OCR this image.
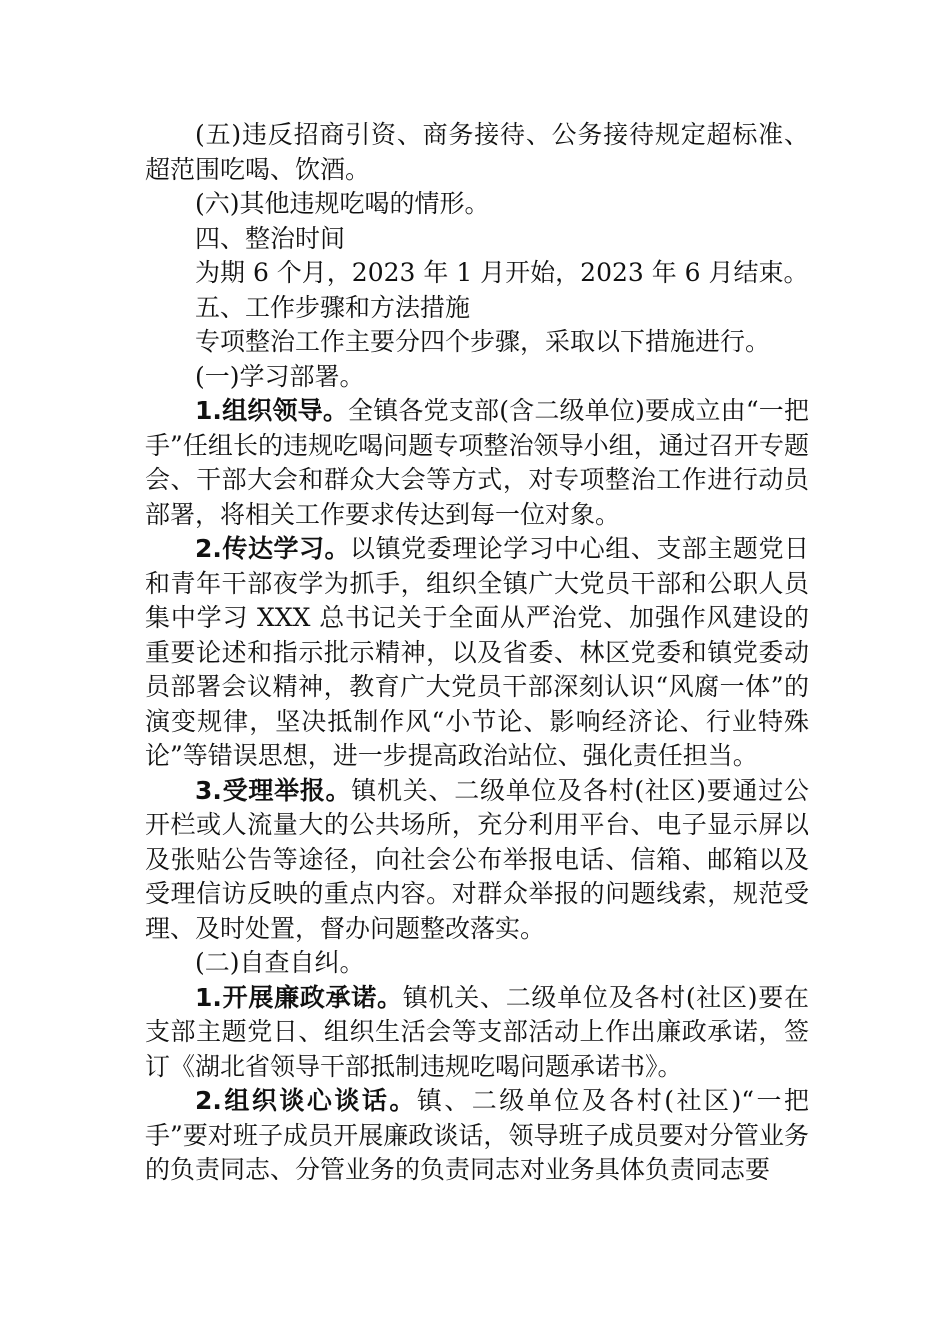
(五)违反招商引资、商务接待、公务接待规定超标准、超范围吃喝、饮酒。

(六)其他违规吃喝的情形。

四、整治时间

为期 6 个月，2023 年 1 月开始，2023 年 6 月结束。

五、工作步骤和方法措施

专项整治工作主要分四个步骤，采取以下措施进行。

(一)学习部署。

1.组织领导。全镇各党支部(含二级单位)要成立由“一把手”任组长的违规吃喝问题专项整治领导小组，通过召开专题会、干部大会和群众大会等方式，对专项整治工作进行动员部署，将相关工作要求传达到每一位对象。

2.传达学习。以镇党委理论学习中心组、支部主题党日和青年干部夜学为抓手，组织全镇广大党员干部和公职人员集中学习 XXX 总书记关于全面从严治党、加强作风建设的重要论述和指示批示精神，以及省委、林区党委和镇党委动员部署会议精神，教育广大党员干部深刻认识“风腐一体”的演变规律，坚决抵制作风“小节论、影响经济论、行业特殊论”等错误思想，进一步提高政治站位、强化责任担当。

3.受理举报。镇机关、二级单位及各村(社区)要通过公开栏或人流量大的公共场所，充分利用平台、电子显示屏以及张贴公告等途径，向社会公布举报电话、信箱、邮箱以及受理信访反映的重点内容。对群众举报的问题线索，规范受理、及时处置，督办问题整改落实。

(二)自查自纠。

1.开展廉政承诺。镇机关、二级单位及各村(社区)要在支部主题党日、组织生活会等支部活动上作出廉政承诺，签订《湖北省领导干部抵制违规吃喝问题承诺书》。

2.组织谈心谈话。镇、二级单位及各村(社区)“一把手”要对班子成员开展廉政谈话，领导班子成员要对分管业务的负责同志、分管业务的负责同志对业务具体负责同志要
